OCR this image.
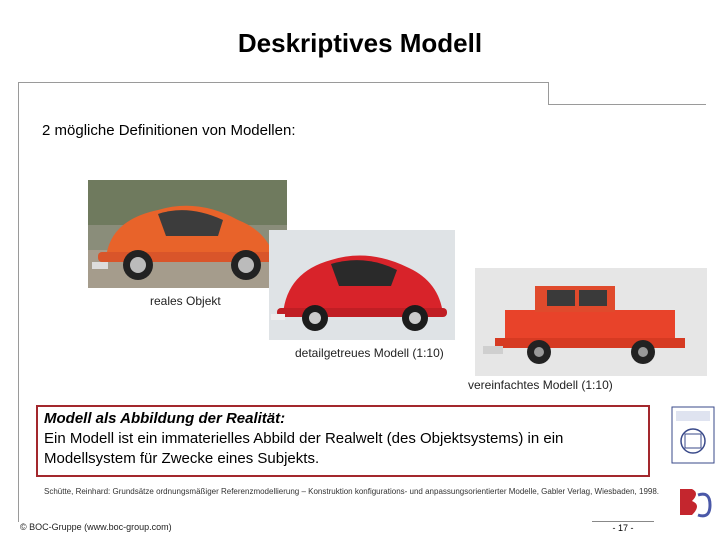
Deskriptives Modell
2 mögliche Definitionen von Modellen:
reales Objekt
detailgetreues Modell (1:10)
vereinfachtes Modell (1:10)
Modell als Abbildung der Realität:
Ein Modell ist ein immaterielles Abbild der Realwelt (des Objektsystems) in ein Modellsystem für Zwecke eines Subjekts.
Schütte, Reinhard: Grundsätze ordnungsmäßiger Referenzmodellierung – Konstruktion konfigurations- und anpassungsorientierter Modelle, Gabler Verlag, Wiesbaden, 1998.
© BOC-Gruppe (www.boc-group.com)	- 17 -
